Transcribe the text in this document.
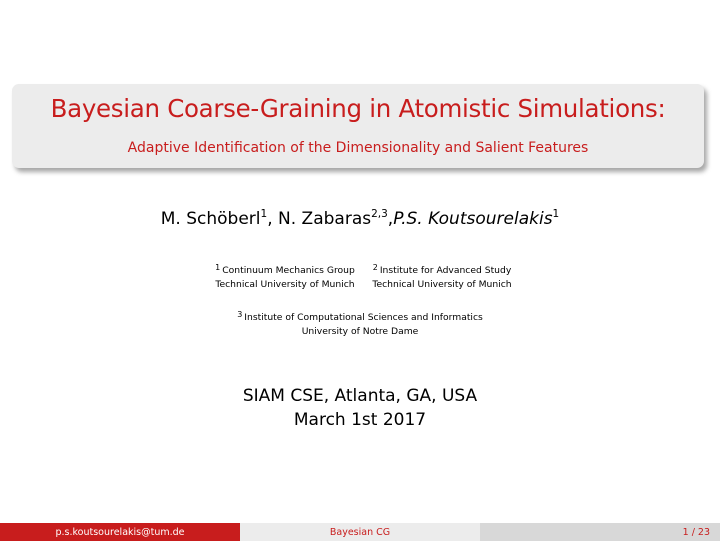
Bayesian Coarse-Graining in Atomistic Simulations:
Adaptive Identification of the Dimensionality and Salient Features
M. Schöberl$^1$, N. Zabaras$^{2,3}$,P.S. Koutsourelakis$^1$
$^1$ Continuum Mechanics Group
Technical University of Munich
$^2$ Institute for Advanced Study
Technical University of Munich
$^3$ Institute of Computational Sciences and Informatics
University of Notre Dame
SIAM CSE, Atlanta, GA, USA
March 1st 2017
p.s.koutsourelakis@tum.de	Bayesian CG	1 / 23
